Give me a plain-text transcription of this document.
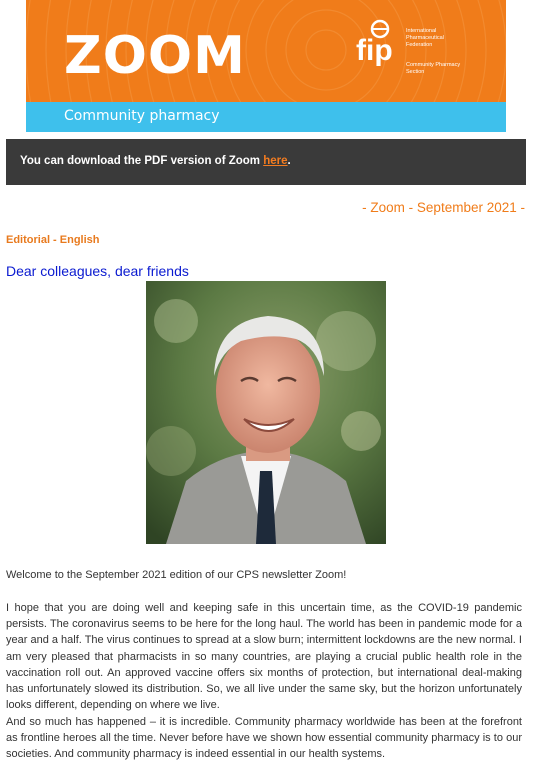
ZOOM	fip
International
Pharmaceutical
Federation
Community Pharmacy
Section
Community pharmacy
You can download the PDF version of Zoom here.
- Zoom - September 2021 -
Editorial - English
Dear colleagues, dear friends
Welcome to the September 2021 edition of our CPS newsletter Zoom!
I hope that you are doing well and keeping safe in this uncertain time, as the COVID-19 pandemic persists. The coronavirus seems to be here for the long haul. The world has been in pandemic mode for a year and a half. The virus continues to spread at a slow burn; intermittent lockdowns are the new normal. I am very pleased that pharmacists in so many countries, are playing a crucial public health role in the vaccination roll out. An approved vaccine offers six months of protection, but international deal-making has unfortunately slowed its distribution. So, we all live under the same sky, but the horizon unfortunately looks different, depending on where we live.
And so much has happened – it is incredible. Community pharmacy worldwide has been at the forefront as frontline heroes all the time. Never before have we shown how essential community pharmacy is to our societies. And community pharmacy is indeed essential in our health systems.
